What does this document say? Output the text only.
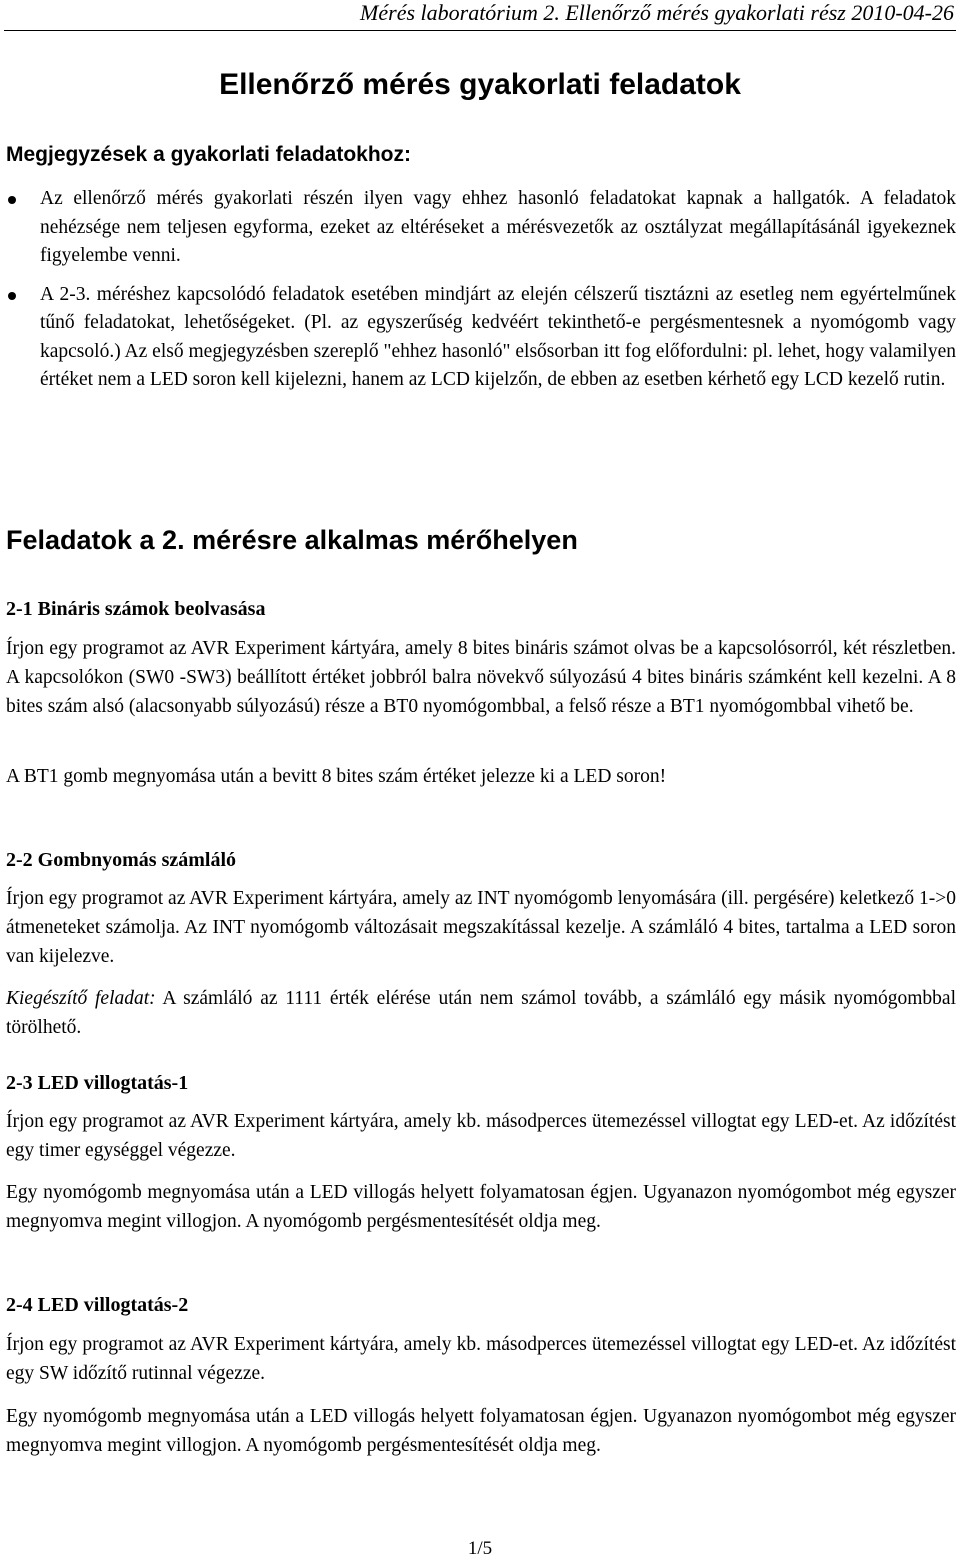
Mérés laboratórium 2. Ellenőrző mérés gyakorlati rész 2010-04-26
Ellenőrző mérés gyakorlati feladatok
Megjegyzések a gyakorlati feladatokhoz:
Az ellenőrző mérés gyakorlati részén ilyen vagy ehhez hasonló feladatokat kapnak a hallgatók. A feladatok nehézsége nem teljesen egyforma, ezeket az eltéréseket a mérésvezetők az osztályzat megállapításánál igyekeznek figyelembe venni.
A 2-3. méréshez kapcsolódó feladatok esetében mindjárt az elején célszerű tisztázni az esetleg nem egyértelműnek tűnő feladatokat, lehetőségeket. (Pl. az egyszerűség kedvéért tekinthető-e pergésmentesnek a nyomógomb vagy kapcsoló.) Az első megjegyzésben szereplő "ehhez hasonló" elsősorban itt fog előfordulni: pl. lehet, hogy valamilyen értéket nem a LED soron kell kijelezni, hanem az LCD kijelzőn, de ebben az esetben kérhető egy LCD kezelő rutin.
Feladatok a 2. mérésre alkalmas mérőhelyen
2-1 Bináris számok beolvasása

Írjon egy programot az AVR Experiment kártyára, amely 8 bites bináris számot olvas be a kapcsolósorról, két részletben. A kapcsolókon (SW0 -SW3) beállított értéket jobbról balra növekvő súlyozású 4 bites bináris számként kell kezelni. A 8 bites szám alsó (alacsonyabb súlyozású) része a BT0 nyomógombbal, a felső része a BT1 nyomógombbal vihető be.

A BT1 gomb megnyomása után a bevitt 8 bites szám értéket jelezze ki a LED soron!

2-2 Gombnyomás számláló

Írjon egy programot az AVR Experiment kártyára, amely az INT nyomógomb lenyomására (ill. pergésére) keletkező 1->0 átmeneteket számolja. Az INT nyomógomb változásait megszakítással kezelje. A számláló 4 bites, tartalma a LED soron van kijelezve.

Kiegészítő feladat: A számláló az 1111 érték elérése után nem számol tovább, a számláló egy másik nyomógombbal törölhető.

2-3 LED villogtatás-1

Írjon egy programot az AVR Experiment kártyára, amely kb. másodperces ütemezéssel villogtat egy LED-et. Az időzítést egy timer egységgel végezze.

Egy nyomógomb megnyomása után a LED villogás helyett folyamatosan égjen. Ugyanazon nyomógombot még egyszer megnyomva megint villogjon. A nyomógomb pergésmentesítését oldja meg.

2-4 LED villogtatás-2

Írjon egy programot az AVR Experiment kártyára, amely kb. másodperces ütemezéssel villogtat egy LED-et. Az időzítést egy SW időzítő rutinnal végezze.

Egy nyomógomb megnyomása után a LED villogás helyett folyamatosan égjen. Ugyanazon nyomógombot még egyszer megnyomva megint villogjon. A nyomógomb pergésmentesítését oldja meg.

1/5
